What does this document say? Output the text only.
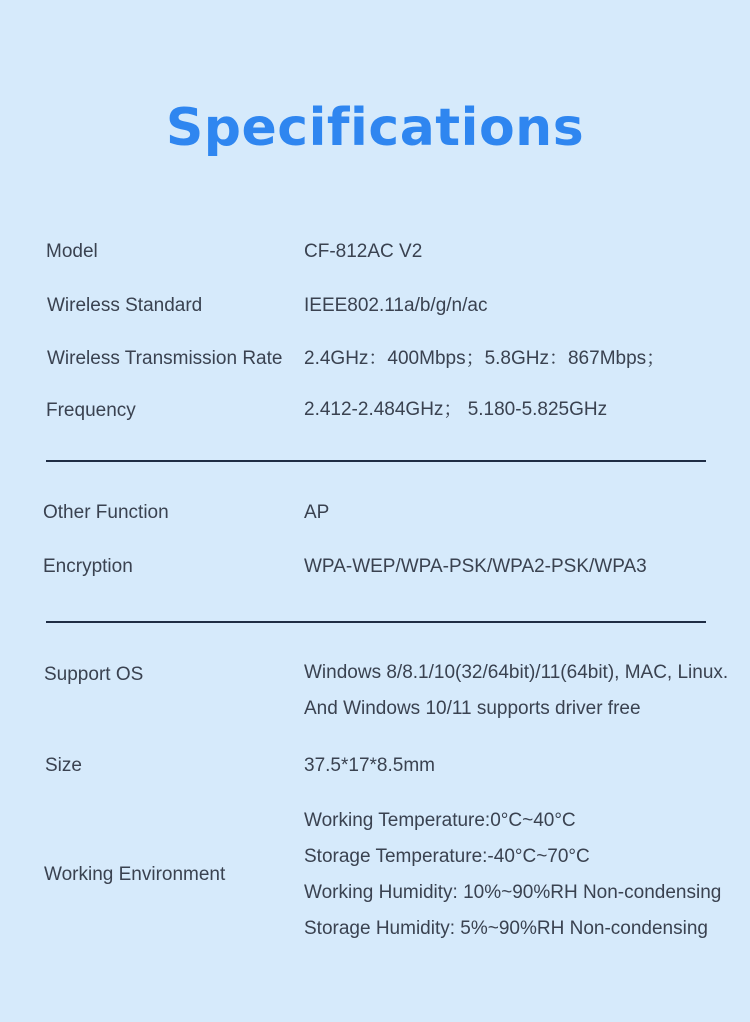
Specifications
Model	CF-812AC V2
Wireless Standard	IEEE802.11a/b/g/n/ac
Wireless Transmission Rate 2.4GHz：400Mbps；5.8GHz：867Mbps；
Frequency	2.412-2.484GHz； 5.180-5.825GHz
Other Function	AP
Encryption	WPA-WEP/WPA-PSK/WPA2-PSK/WPA3
Support OS	Windows 8/8.1/10(32/64bit)/11(64bit), MAC, Linux.
And Windows 10/11 supports driver free
Size	37.5*17*8.5mm
Working Environment
Working Temperature:0°C~40°C
Storage Temperature:-40°C~70°C
Working Humidity: 10%~90%RH Non-condensing
Storage Humidity: 5%~90%RH Non-condensing
